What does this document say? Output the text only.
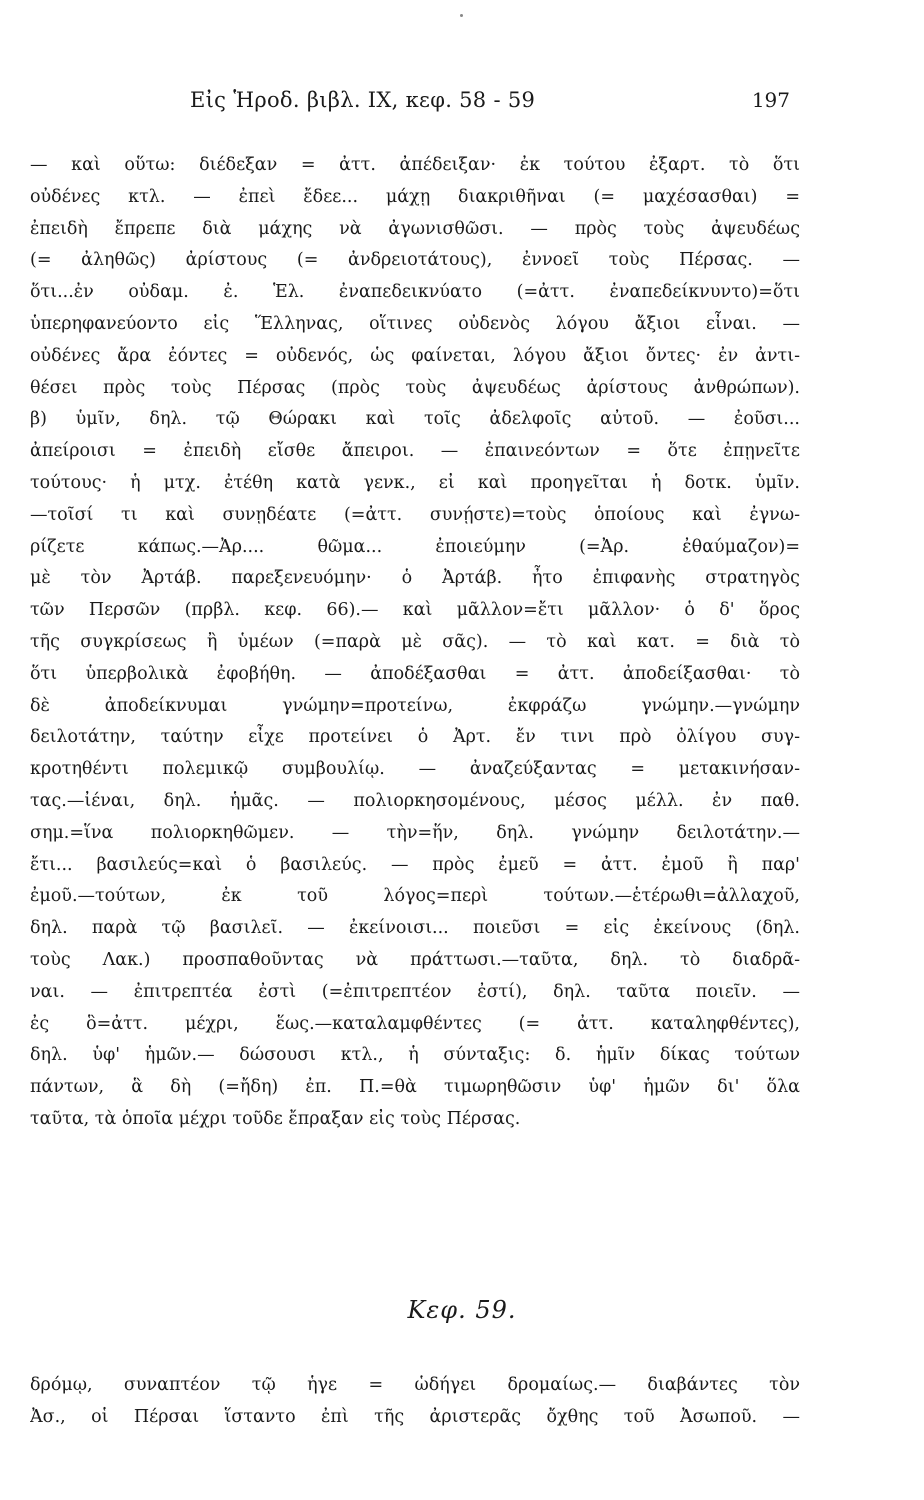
Εἰς Ἡροδ. βιβλ. IX, κεφ. 58 - 59	197
— καὶ οὕτω: διέδεξαν = ἀττ. ἀπέδειξαν· ἐκ τούτου ἐξαρτ. τὸ ὅτι
οὐδένες κτλ. — ἐπεὶ ἔδεε... μάχῃ διακριθῆναι (= μαχέσασθαι) =
ἐπειδὴ ἔπρεπε διὰ μάχης νὰ ἀγωνισθῶσι. — πρὸς τοὺς ἀψευδέως
(= ἀληθῶς) ἀρίστους (= ἀνδρειοτάτους), ἐννοεῖ τοὺς Πέρσας. —
ὅτι...ἐν οὐδαμ. ἐ. Ἑλ. ἐναπεδεικνύατο (=ἀττ. ἐναπεδείκνυντο)=ὅτι
ὑπερηφανεύοντο εἰς Ἕλληνας, οἵτινες οὐδενὸς λόγου ἄξιοι εἶναι. —
οὐδένες ἄρα ἐόντες = οὐδενός, ὡς φαίνεται, λόγου ἄξιοι ὄντες· ἐν ἀντι-
θέσει πρὸς τοὺς Πέρσας (πρὸς τοὺς ἀψευδέως ἀρίστους ἀνθρώπων).
β) ὑμῖν, δηλ. τῷ Θώρακι καὶ τοῖς ἀδελφοῖς αὐτοῦ. — ἐοῦσι...
ἀπείροισι = ἐπειδὴ εἴσθε ἄπειροι. — ἐπαινεόντων = ὅτε ἐπῃνεῖτε
τούτους· ἡ μτχ. ἐτέθη κατὰ γενκ., εἰ καὶ προηγεῖται ἡ δοτκ. ὑμῖν.
—τοῖσί τι καὶ συνῃδέατε (=ἀττ. συνῄστε)=τοὺς ὁποίους καὶ ἐγνω-
ρίζετε κάπως.—Ἀρ.... θῶμα... ἐποιεύμην (=Ἀρ. ἐθαύμαζον)=
μὲ τὸν Ἀρτάβ. παρεξενευόμην· ὁ Ἀρτάβ. ἦτο ἐπιφανὴς στρατηγὸς
τῶν Περσῶν (πρβλ. κεφ. 66).— καὶ μᾶλλον=ἔτι μᾶλλον· ὁ δ' ὅρος
τῆς συγκρίσεως ἢ ὑμέων (=παρὰ μὲ σᾶς). — τὸ καὶ κατ. = διὰ τὸ
ὅτι ὑπερβολικὰ ἐφοβήθη. — ἀποδέξασθαι = ἀττ. ἀποδείξασθαι· τὸ
δὲ ἀποδείκνυμαι γνώμην=προτείνω, ἐκφράζω γνώμην.—γνώμην
δειλοτάτην, ταύτην εἶχε προτείνει ὁ Ἀρτ. ἔν τινι πρὸ ὀλίγου συγ-
κροτηθέντι πολεμικῷ συμβουλίῳ. — ἀναζεύξαντας = μετακινήσαν-
τας.—ἰέναι, δηλ. ἡμᾶς. — πολιορκησομένους, μέσος μέλλ. ἐν παθ.
σημ.=ἵνα πολιορκηθῶμεν. — τὴν=ἥν, δηλ. γνώμην δειλοτάτην.—
ἔτι... βασιλεύς=καὶ ὁ βασιλεύς. — πρὸς ἐμεῦ = ἀττ. ἐμοῦ ἢ παρ'
ἐμοῦ.—τούτων, ἐκ τοῦ λόγος=περὶ τούτων.—ἑτέρωθι=ἀλλαχοῦ,
δηλ. παρὰ τῷ βασιλεῖ. — ἐκείνοισι... ποιεῦσι = εἰς ἐκείνους (δηλ.
τοὺς Λακ.) προσπαθοῦντας νὰ πράττωσι.—ταῦτα, δηλ. τὸ διαδρᾶ-
ναι. — ἐπιτρεπτέα ἐστὶ (=ἐπιτρεπτέον ἐστί), δηλ. ταῦτα ποιεῖν. —
ἐς ὃ=ἀττ. μέχρι, ἕως.—καταλαμφθέντες (= ἀττ. καταληφθέντες),
δηλ. ὑφ' ἡμῶν.— δώσουσι κτλ., ἡ σύνταξις: δ. ἡμῖν δίκας τούτων
πάντων, ἃ δὴ (=ἤδη) ἐπ. Π.=θὰ τιμωρηθῶσιν ὑφ' ἡμῶν δι' ὅλα
ταῦτα, τὰ ὁποῖα μέχρι τοῦδε ἔπραξαν εἰς τοὺς Πέρσας.
Κεφ. 59.
δρόμῳ, συναπτέον τῷ ἡγε = ὡδήγει δρομαίως.— διαβάντες τὸν
Ἀσ., οἱ Πέρσαι ἵσταντο ἐπὶ τῆς ἀριστερᾶς ὄχθης τοῦ Ἀσωποῦ. —
